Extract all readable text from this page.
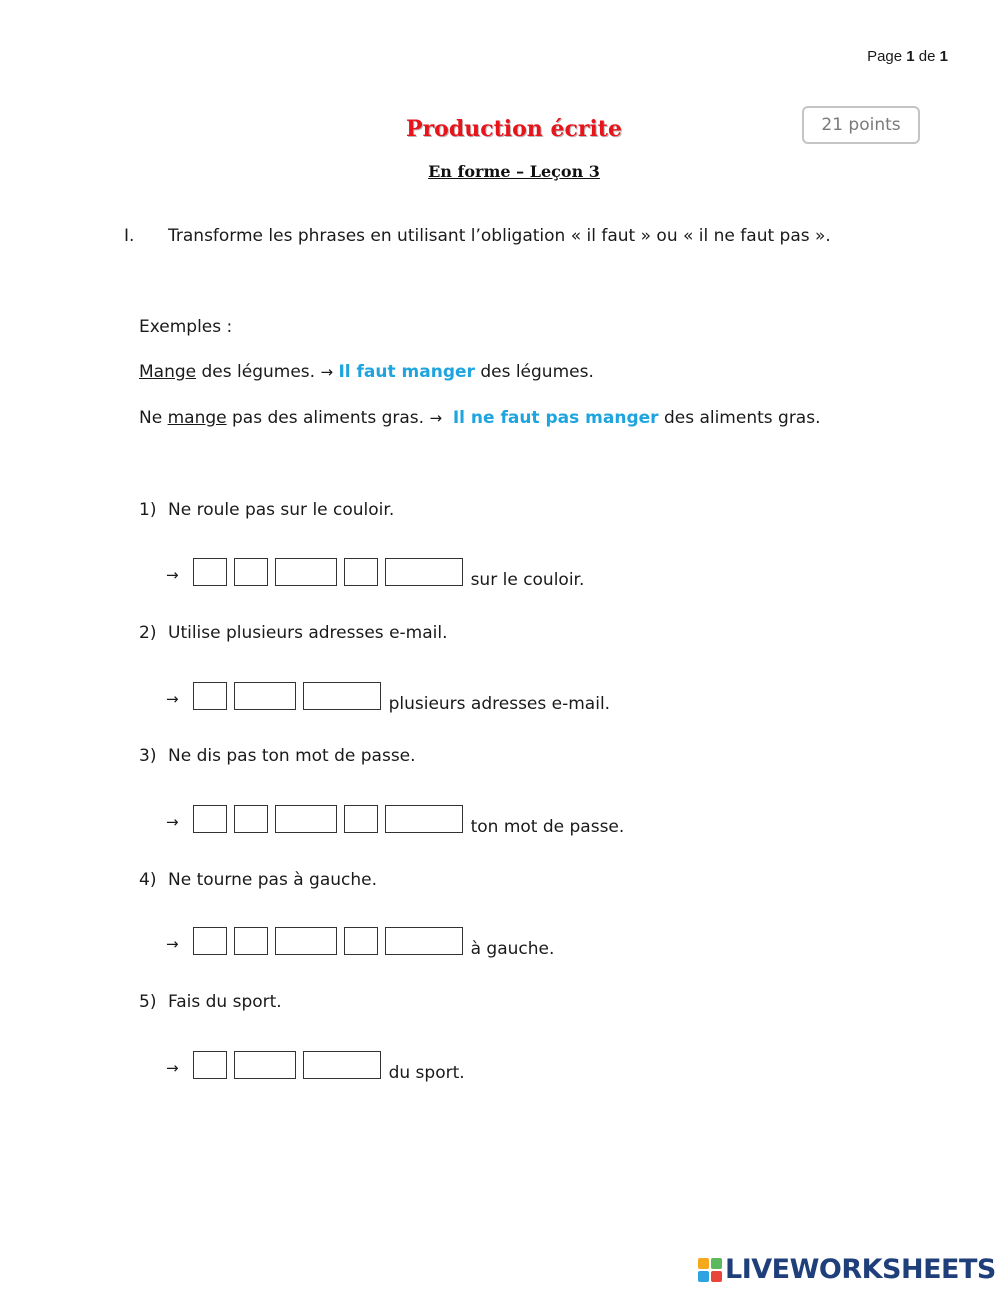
Page 1 de 1
Production écrite
En forme – Leçon 3
21 points
I. Transforme les phrases en utilisant l’obligation « il faut » ou « il ne faut pas ».
Exemples :
Mange des légumes. → Il faut manger des légumes.
Ne mange pas des aliments gras. → Il ne faut pas manger des aliments gras.
1) Ne roule pas sur le couloir.
→	sur le couloir.
2) Utilise plusieurs adresses e-mail.
→	plusieurs adresses e-mail.
3) Ne dis pas ton mot de passe.
→	ton mot de passe.
4) Ne tourne pas à gauche.
→	à gauche.
5) Fais du sport.
→	du sport.
LIVEWORKSHEETS
